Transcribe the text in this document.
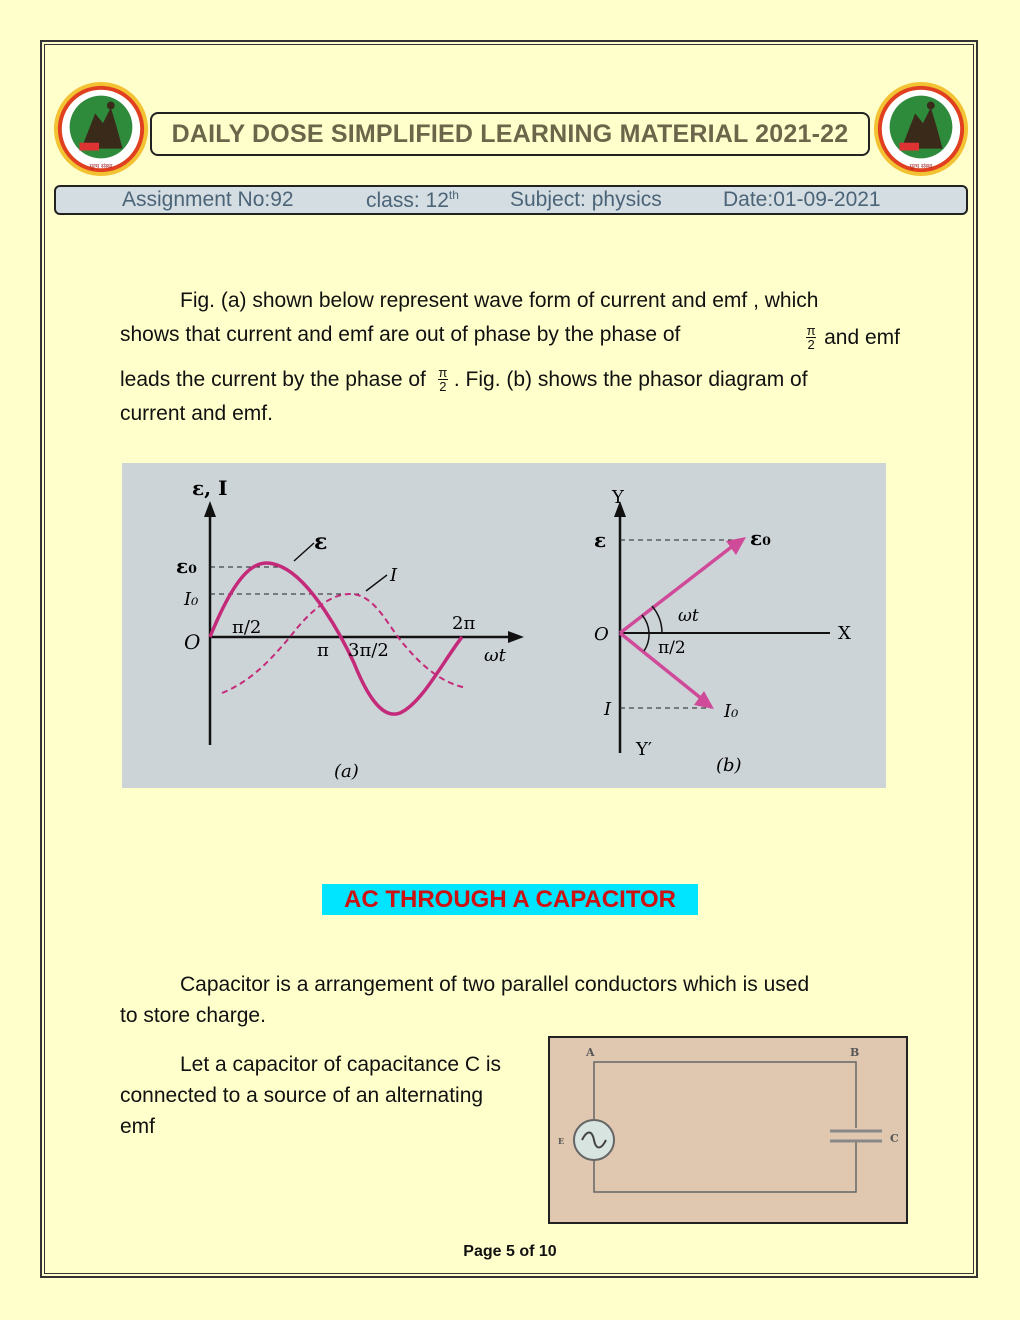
मूल्य संस्था	मूल्य संस्था
DAILY DOSE SIMPLIFIED LEARNING MATERIAL 2021-22
Assignment No:92	class: 12th Subject: physics	Date:01-09-2021
Fig. (a) shown below represent wave form of current and emf , which
shows that current and emf are out of phase by the phase of	$\frac{\pi}{2}$ and emf
leads the current by the phase of $\frac{\pi}{2}$ . Fig. (b) shows the phasor diagram of
current and emf.
ε, I
ε
I
ε₀
I₀
O
π/2
π 3π/2
2π
ωt
(a)
Y
Y′
X
O
ε	ε₀
I	I₀
ωt
π/2
(b)
AC THROUGH A CAPACITOR
Capacitor is a arrangement of two parallel conductors which is used
to store charge.
Let a capacitor of capacitance C is
connected to a source of an alternating
emf
A	B
C
E
Page 5 of 10
